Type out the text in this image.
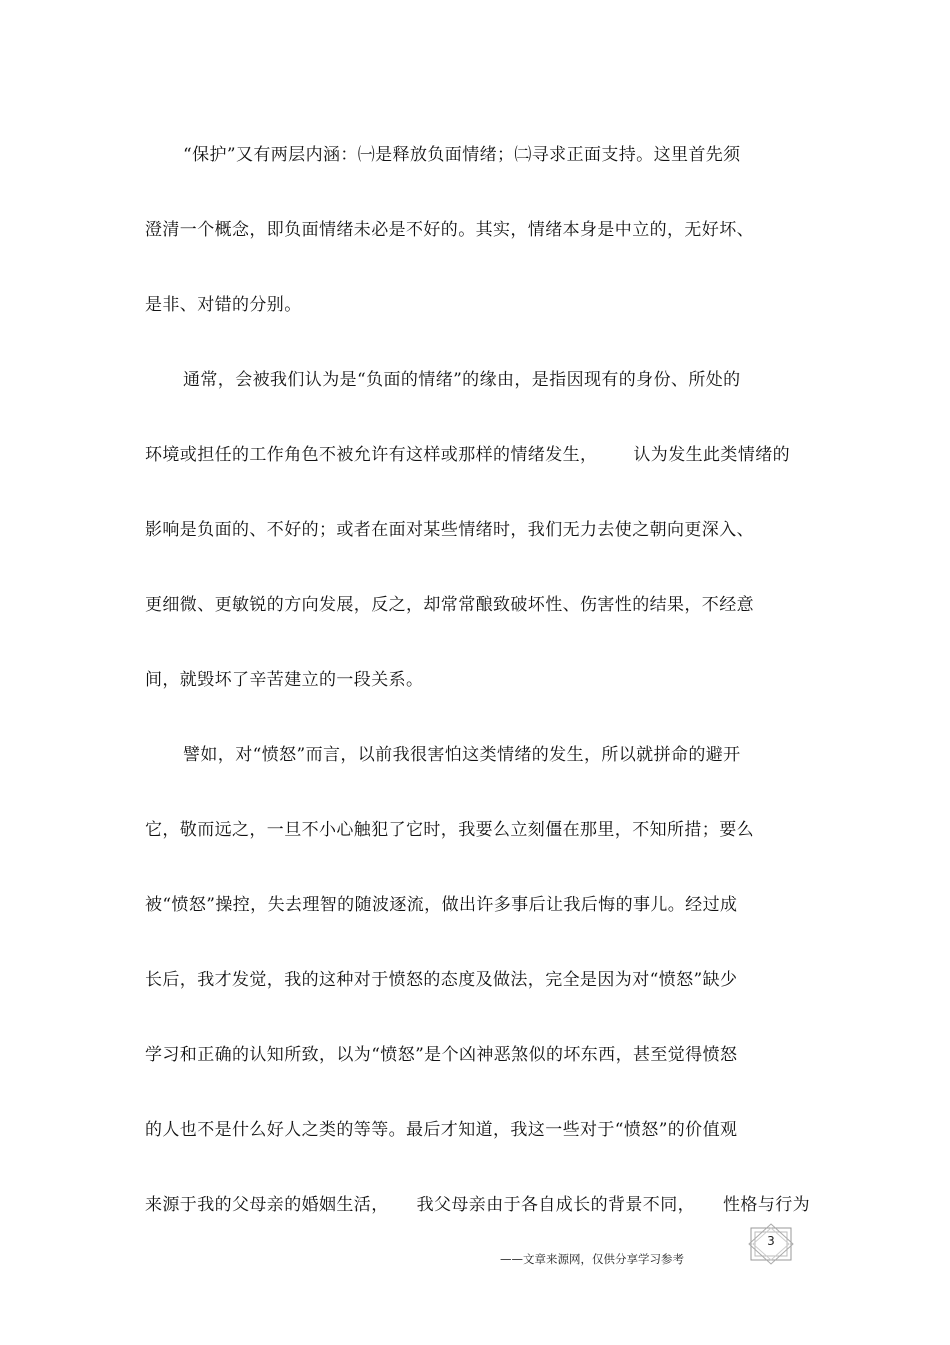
“保护”又有两层内涵：㈠是释放负面情绪；㈡寻求正面支持。这里首先须
澄清一个概念，即负面情绪未必是不好的。其实，情绪本身是中立的，无好坏、
是非、对错的分别。
通常，会被我们认为是“负面的情绪”的缘由，是指因现有的身份、所处的
环境或担任的工作角色不被允许有这样或那样的情绪发生， 认为发生此类情绪的
影响是负面的、不好的；或者在面对某些情绪时，我们无力去使之朝向更深入、
更细微、更敏锐的方向发展，反之，却常常酿致破坏性、伤害性的结果，不经意
间，就毁坏了辛苦建立的一段关系。
譬如，对“愤怒”而言，以前我很害怕这类情绪的发生，所以就拼命的避开
它，敬而远之，一旦不小心触犯了它时，我要么立刻僵在那里，不知所措；要么
被“愤怒”操控，失去理智的随波逐流，做出许多事后让我后悔的事儿。经过成
长后，我才发觉，我的这种对于愤怒的态度及做法，完全是因为对“愤怒”缺少
学习和正确的认知所致，以为“愤怒”是个凶神恶煞似的坏东西，甚至觉得愤怒
的人也不是什么好人之类的等等。最后才知道，我这一些对于“愤怒”的价值观
来源于我的父母亲的婚姻生活， 我父母亲由于各自成长的背景不同， 性格与行为
3
——文章来源网，仅供分享学习参考
